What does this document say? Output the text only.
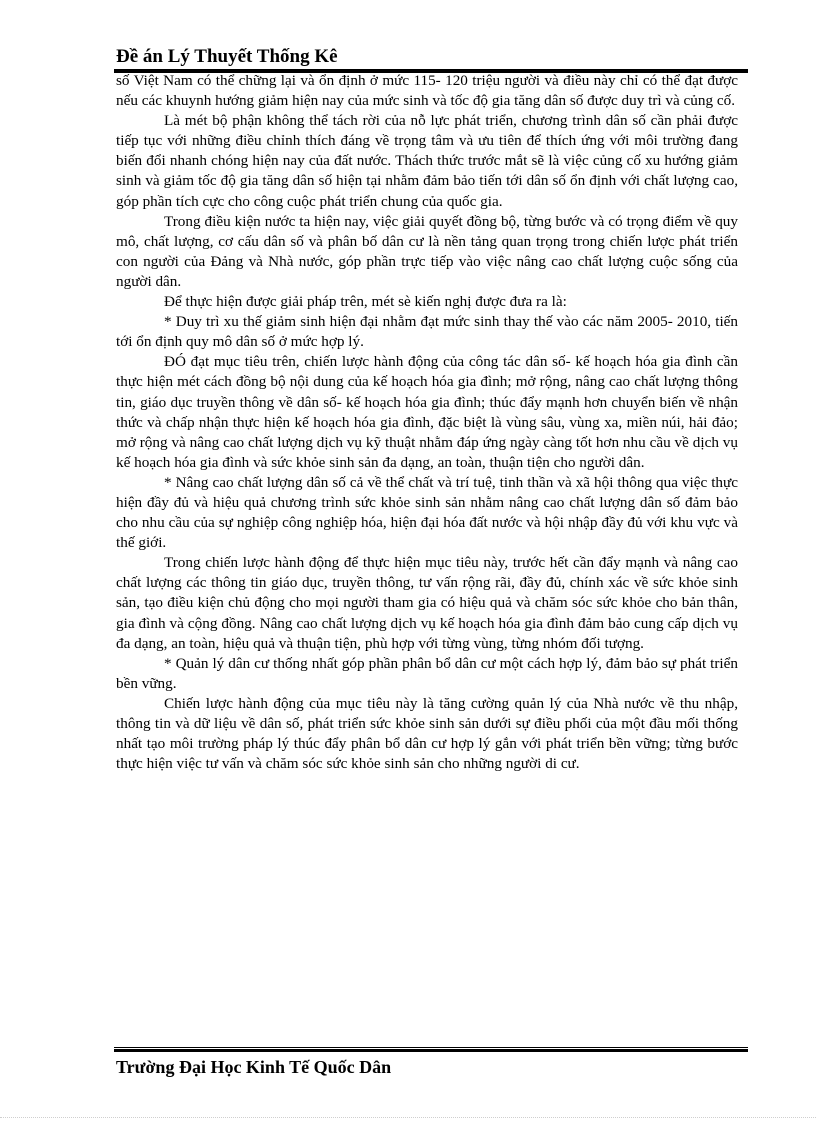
Đề án Lý Thuyết Thống Kê

số Việt Nam có thể chững lại và ổn định ở mức 115- 120 triệu người và điều này chỉ có thể đạt được nếu các khuynh hướng giảm hiện nay của mức sinh và tốc độ gia tăng dân số được duy trì và củng cố.

Là mét bộ phận không thể tách rời của nỗ lực phát triển, chương trình dân số cần phải được tiếp tục với những điều chỉnh thích đáng về trọng tâm và ưu tiên để thích ứng với môi trường đang biến đổi nhanh chóng hiện nay của đất nước. Thách thức trước mắt sẽ là việc củng cố xu hướng giảm sinh và giảm tốc độ gia tăng dân số hiện tại nhằm đảm bảo tiến tới dân số ổn định với chất lượng cao, góp phần tích cực cho công cuộc phát triển chung của quốc gia.

Trong điều kiện nước ta hiện nay, việc giải quyết đồng bộ, từng bước và có trọng điểm về quy mô, chất lượng, cơ cấu dân số và phân bố dân cư là nền tảng quan trọng trong chiến lược phát triển con người của Đảng và Nhà nước, góp phần trực tiếp vào việc nâng cao chất lượng cuộc sống của người dân.

Để thực hiện được giải pháp trên, mét sè kiến nghị được đưa ra là:

* Duy trì xu thế giảm sinh hiện đại nhằm đạt mức sinh thay thế vào các năm 2005- 2010, tiến tới ổn định quy mô dân số ở mức hợp lý.

ĐÓ đạt mục tiêu trên, chiến lược hành động của công tác dân số- kế hoạch hóa gia đình cần thực hiện mét cách đồng bộ nội dung của kế hoạch hóa gia đình; mở rộng, nâng cao chất lượng thông tin, giáo dục truyền thông về dân số- kế hoạch hóa gia đình; thúc đẩy mạnh hơn chuyển biến về nhận thức và chấp nhận thực hiện kế hoạch hóa gia đình, đặc biệt là vùng sâu, vùng xa, miền núi, hải đảo; mở rộng và nâng cao chất lượng dịch vụ kỹ thuật nhằm đáp ứng ngày càng tốt hơn nhu cầu về dịch vụ kế hoạch hóa gia đình và sức khỏe sinh sản đa dạng, an toàn, thuận tiện cho người dân.

* Nâng cao chất lượng dân số cả về thể chất và trí tuệ, tinh thần và xã hội thông qua việc thực hiện đầy đủ và hiệu quả chương trình sức khỏe sinh sản nhằm nâng cao chất lượng dân số đảm bảo cho nhu cầu của sự nghiệp công nghiệp hóa, hiện đại hóa đất nước và hội nhập đầy đủ với khu vực và thế giới.

Trong chiến lược hành động để thực hiện mục tiêu này, trước hết cần đẩy mạnh và nâng cao chất lượng các thông tin giáo dục, truyền thông, tư vấn rộng rãi, đầy đủ, chính xác về sức khỏe sinh sản, tạo điều kiện chủ động cho mọi người tham gia có hiệu quả và chăm sóc sức khỏe cho bản thân, gia đình và cộng đồng. Nâng cao chất lượng dịch vụ kế hoạch hóa gia đình đảm bảo cung cấp dịch vụ đa dạng, an toàn, hiệu quả và thuận tiện, phù hợp với từng vùng, từng nhóm đối tượng.

* Quản lý dân cư thống nhất góp phần phân bổ dân cư một cách hợp lý, đảm bảo sự phát triển bền vững.

Chiến lược hành động của mục tiêu này là tăng cường quản lý của Nhà nước về thu nhập, thông tin và dữ liệu về dân số, phát triển sức khỏe sinh sản dưới sự điều phối của một đầu mối thống nhất tạo môi trường pháp lý thúc đẩy phân bổ dân cư hợp lý gắn với phát triển bền vững; từng bước thực hiện việc tư vấn và chăm sóc sức khỏe sinh sản cho những người di cư.

Trường Đại Học Kinh Tế Quốc Dân
